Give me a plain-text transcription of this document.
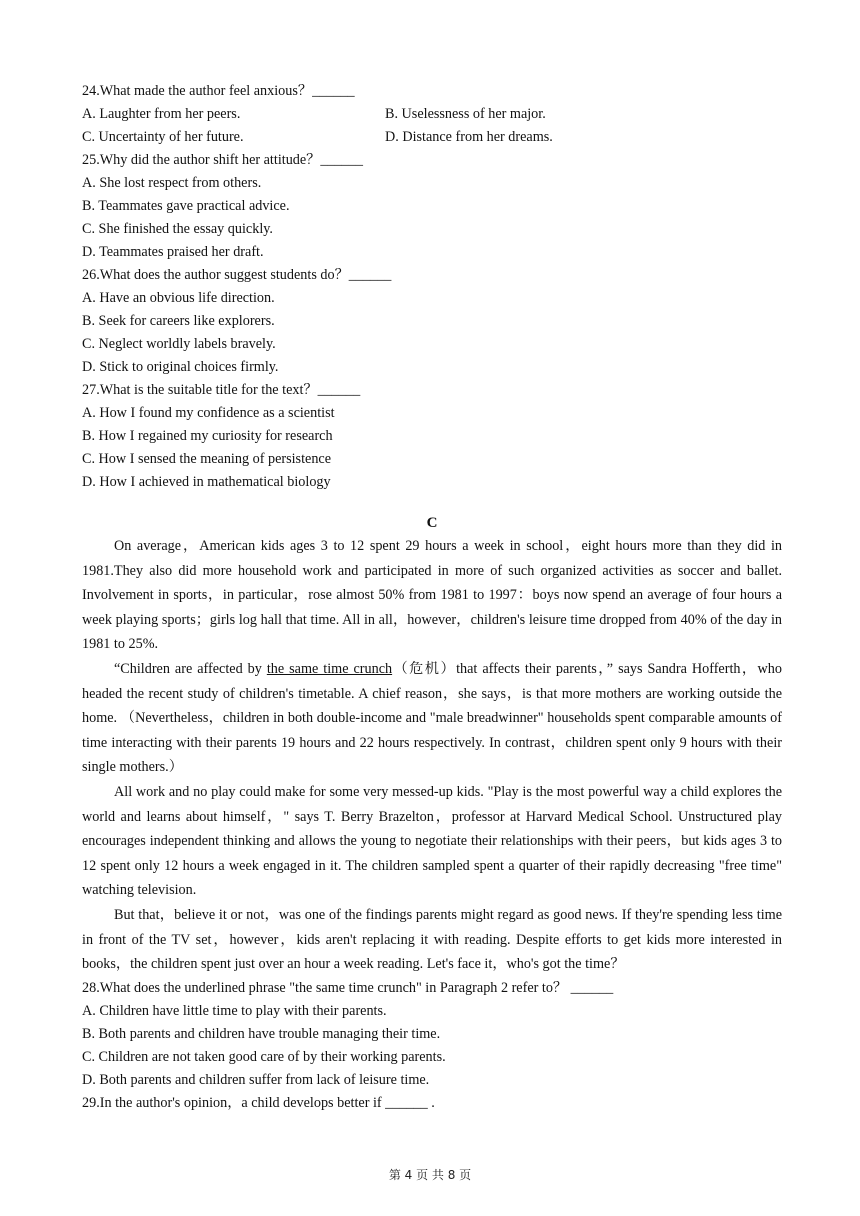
24.What made the author feel anxious？______
A. Laughter from her peers.	B. Uselessness of her major.
C. Uncertainty of her future.	D. Distance from her dreams.
25.Why did the author shift her attitude？______
A. She lost respect from others.
B. Teammates gave practical advice.
C. She finished the essay quickly.
D. Teammates praised her draft.
26.What does the author suggest students do？______
A. Have an obvious life direction.
B. Seek for careers like explorers.
C. Neglect worldly labels bravely.
D. Stick to original choices firmly.
27.What is the suitable title for the text？______
A. How I found my confidence as a scientist
B. How I regained my curiosity for research
C. How I sensed the meaning of persistence
D. How I achieved in mathematical biology
C

On average，American kids ages 3 to 12 spent 29 hours a week in school，eight hours more than they did in 1981.They also did more household work and participated in more of such organized activities as soccer and ballet. Involvement in sports，in particular，rose almost 50% from 1981 to 1997：boys now spend an average of four hours a week playing sports；girls log hall that time. All in all，however，children's leisure time dropped from 40% of the day in 1981 to 25%.

“Children are affected by the same time crunch（危机）that affects their parents，” says Sandra Hofferth，who headed the recent study of children's timetable. A chief reason，she says，is that more mothers are working outside the home. （Nevertheless，children in both double-income and "male breadwinner" households spent comparable amounts of time interacting with their parents 19 hours and 22 hours respectively. In contrast，children spent only 9 hours with their single mothers.）

All work and no play could make for some very messed-up kids. "Play is the most powerful way a child explores the world and learns about himself，" says T. Berry Brazelton，professor at Harvard Medical School. Unstructured play encourages independent thinking and allows the young to negotiate their relationships with their peers，but kids ages 3 to 12 spent only 12 hours a week engaged in it. The children sampled spent a quarter of their rapidly decreasing "free time" watching television.

But that，believe it or not，was one of the findings parents might regard as good news. If they're spending less time in front of the TV set，however，kids aren't replacing it with reading. Despite efforts to get kids more interested in books，the children spent just over an hour a week reading. Let's face it，who's got the time？

28.What does the underlined phrase "the same time crunch" in Paragraph 2 refer to？ ______
A. Children have little time to play with their parents.
B. Both parents and children have trouble managing their time.
C. Children are not taken good care of by their working parents.
D. Both parents and children suffer from lack of leisure time.
29.In the author's opinion，a child develops better if ______ .
第 4 页 共 8 页
